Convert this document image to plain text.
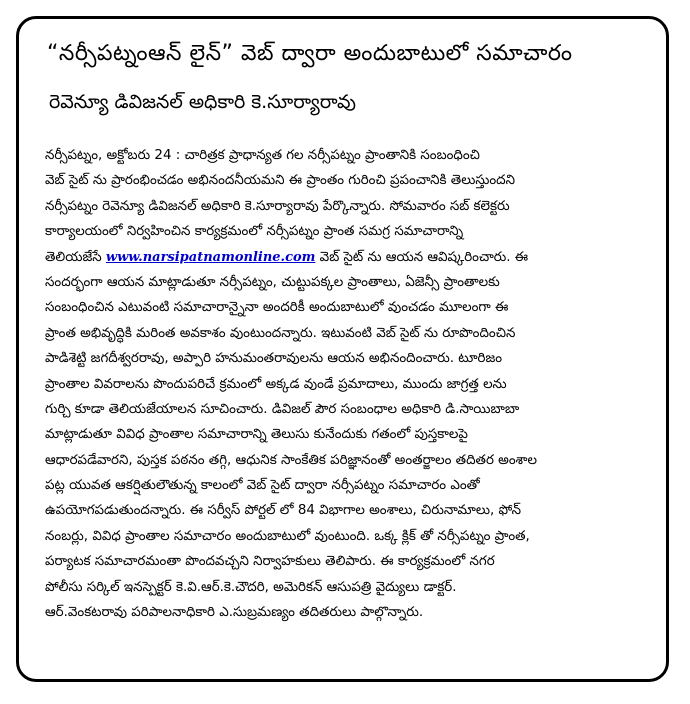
“నర్సీపట్నంఆన్ లైన్” వెబ్ ద్వారా అందుబాటులో సమాచారం
రెవెన్యూ డివిజనల్ అధికారి కె.సూర్యారావు
నర్సీపట్నం, అక్టోబరు 24 : చారిత్రక ప్రాధాన్యత గల నర్సీపట్నం ప్రాంతానికి సంబంధించి
వెబ్ సైట్ ను ప్రారంభించడం అభినందనీయమని ఈ ప్రాంతం గురించి ప్రపంచానికి తెలుస్తుందని
నర్సీపట్నం రెవెన్యూ డివిజనల్ అధికారి కె.సూర్యారావు పేర్కొన్నారు. సోమవారం సబ్ కలెక్టరు
కార్యాలయంలో నిర్వహించిన కార్యక్రమంలో నర్సీపట్నం ప్రాంత సమగ్ర సమాచారాన్ని
తెలియజేసే www.narsipatnamonline.com వెబ్ సైట్ ను ఆయన ఆవిష్కరించారు. ఈ
సందర్భంగా ఆయన మాట్లాడుతూ నర్సీపట్నం, చుట్టుపక్కల ప్రాంతాలు, ఏజెన్సీ ప్రాంతాలకు
సంబంధించిన ఎటువంటి సమాచారాన్నైనా అందరికీ అందుబాటులో వుంచడం మూలంగా ఈ
ప్రాంత అభివృద్ధికి మరింత అవకాశం వుంటుందన్నారు. ఇటువంటి వెబ్ సైట్ ను రూపొందించిన
పాడిశెట్టి జగదీశ్వరరావు, అప్పారి హనుమంతరావులను ఆయన అభినందించారు. టూరిజం
ప్రాంతాల వివరాలను పొందుపరిచే క్రమంలో అక్కడ వుండే ప్రమాదాలు, ముందు జాగ్రత్త లను
గుర్చి కూడా తెలియజేయాలన సూచించారు. డివిజల్ పౌర సంబంధాల అధికారి డి.సాయిబాబా
మాట్లాడుతూ వివిధ ప్రాంతాల సమాచారాన్ని తెలుసు కునేందుకు గతంలో పుస్తకాలపై
ఆధారపడేవారని, పుస్తక పఠనం తగ్గి, ఆధునిక సాంకేతిక పరిజ్ఞానంతో అంతర్జాలం తదితర అంశాల
పట్ల యువత ఆకర్షితులౌతున్న కాలంలో వెబ్ సైట్ ద్వారా నర్సీపట్నం సమాచారం ఎంతో
ఉపయోగపడుతుందన్నారు. ఈ సర్వీస్ పోర్టల్ లో 84 విభాగాల అంశాలు, చిరునామాలు, ఫోన్
నంబర్లు, వివిధ ప్రాంతాల సమాచారం అందుబాటులో వుంటుంది. ఒక్క క్లిక్ తో నర్సీపట్నం ప్రాంత,
పర్యాటక సమాచారమంతా పొందవచ్చని నిర్వాహకులు తెలిపారు. ఈ కార్యక్రమంలో నగర
పోలీసు సర్కిల్ ఇనస్పెక్టర్ కె.వి.ఆర్.కె.చౌదరి, అమెరికన్ ఆసుపత్రి వైద్యులు డాక్టర్.
ఆర్.వెంకటరావు పరిపాలనాధికారి ఎ.సుబ్రమణ్యం తదితరులు పాల్గొన్నారు.
